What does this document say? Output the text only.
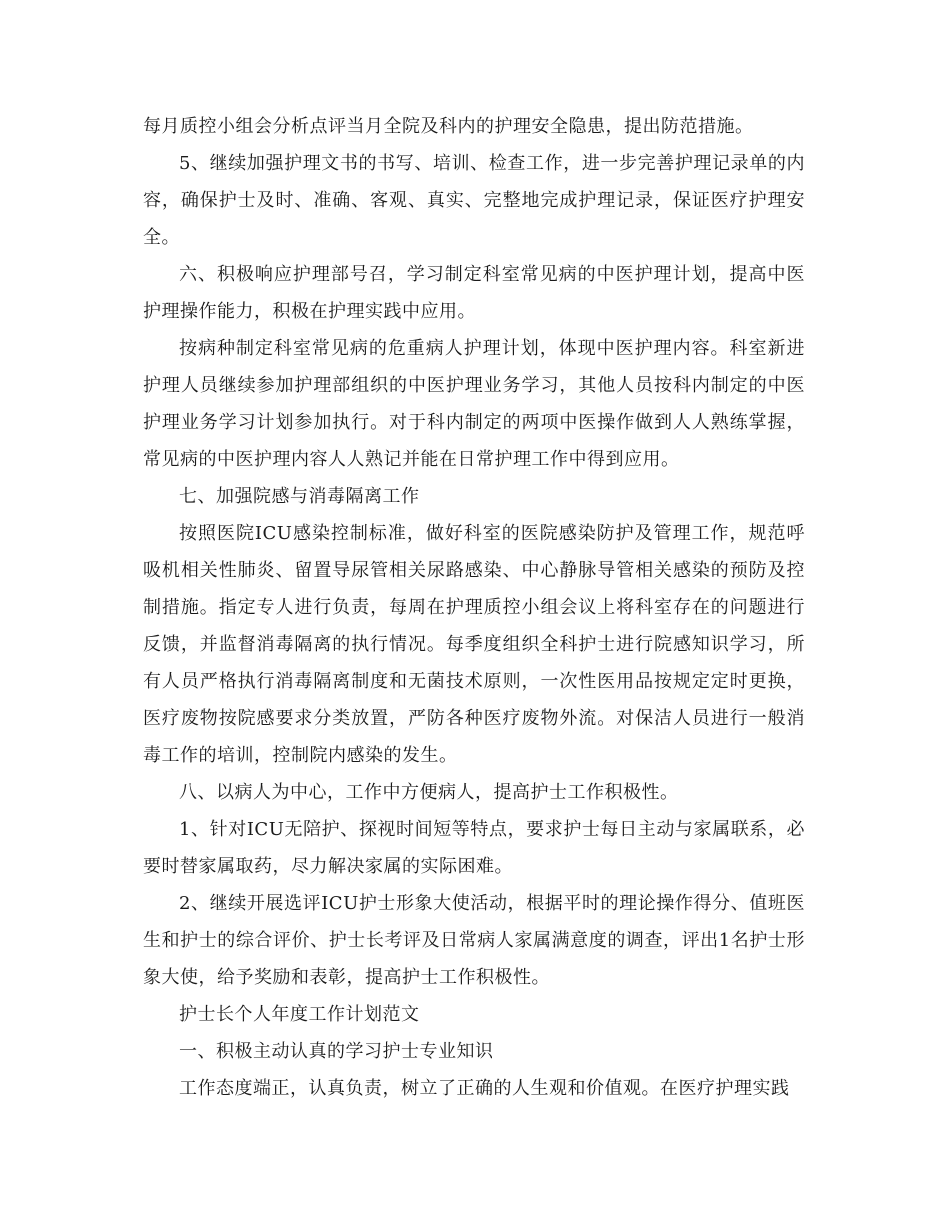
每月质控小组会分析点评当月全院及科内的护理安全隐患，提出防范措施。

5、继续加强护理文书的书写、培训、检查工作，进一步完善护理记录单的内容，确保护士及时、准确、客观、真实、完整地完成护理记录，保证医疗护理安全。

六、积极响应护理部号召，学习制定科室常见病的中医护理计划，提高中医护理操作能力，积极在护理实践中应用。

按病种制定科室常见病的危重病人护理计划，体现中医护理内容。科室新进护理人员继续参加护理部组织的中医护理业务学习，其他人员按科内制定的中医护理业务学习计划参加执行。对于科内制定的两项中医操作做到人人熟练掌握，常见病的中医护理内容人人熟记并能在日常护理工作中得到应用。

七、加强院感与消毒隔离工作

按照医院ICU感染控制标准，做好科室的医院感染防护及管理工作，规范呼吸机相关性肺炎、留置导尿管相关尿路感染、中心静脉导管相关感染的预防及控制措施。指定专人进行负责，每周在护理质控小组会议上将科室存在的问题进行反馈，并监督消毒隔离的执行情况。每季度组织全科护士进行院感知识学习，所有人员严格执行消毒隔离制度和无菌技术原则，一次性医用品按规定定时更换，医疗废物按院感要求分类放置，严防各种医疗废物外流。对保洁人员进行一般消毒工作的培训，控制院内感染的发生。

八、以病人为中心，工作中方便病人，提高护士工作积极性。

1、针对ICU无陪护、探视时间短等特点，要求护士每日主动与家属联系，必要时替家属取药，尽力解决家属的实际困难。

2、继续开展选评ICU护士形象大使活动，根据平时的理论操作得分、值班医生和护士的综合评价、护士长考评及日常病人家属满意度的调查，评出1名护士形象大使，给予奖励和表彰，提高护士工作积极性。

护士长个人年度工作计划范文

一、积极主动认真的学习护士专业知识

工作态度端正，认真负责，树立了正确的人生观和价值观。在医疗护理实践
